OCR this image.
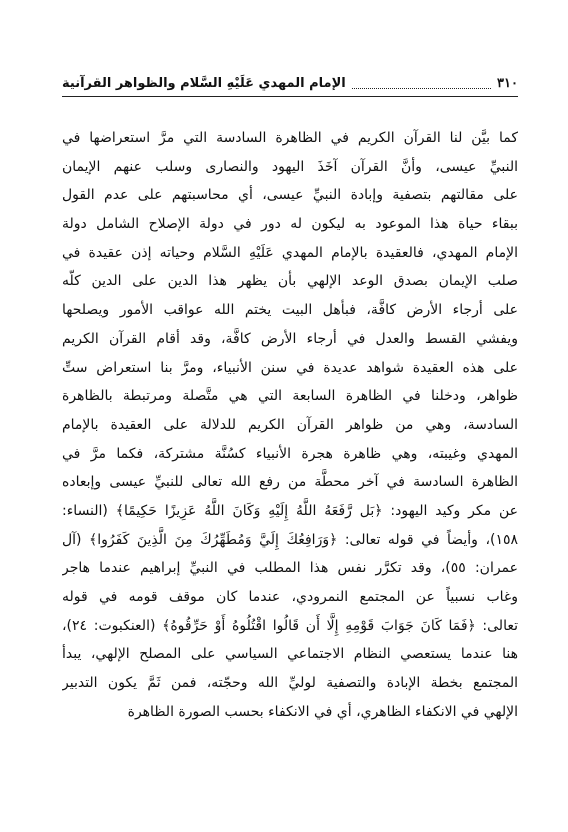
٣١٠
الإمام المهدي عَلَيْهِ السَّلام والظواهر القرآنية
كما بيَّن لنا القرآن الكريم في الظاهرة السادسة التي مرَّ استعراضها في
النبيِّ عيسى، وأنَّ القرآن آخَذَ اليهود والنصارى وسلب عنهم الإيمان
على مقالتهم بتصفية وإبادة النبيِّ عيسى، أي محاسبتهم على عدم القول
ببقاء حياة هذا الموعود به ليكون له دور في دولة الإصلاح الشامل دولة
الإمام المهدي، فالعقيدة بالإمام المهدي عَلَيْهِ السَّلام وحياته إذن عقيدة في
صلب الإيمان بصدق الوعد الإلهي بأن يظهر هذا الدين على الدين كلّه
على أرجاء الأرض كافَّة، فبأهل البيت يختم الله عواقب الأمور ويصلحها
ويفشي القسط والعدل في أرجاء الأرض كافَّة، وقد أقام القرآن الكريم
على هذه العقيدة شواهد عديدة في سنن الأنبياء، ومرَّ بنا استعراض ستِّ
ظواهر، ودخلنا في الظاهرة السابعة التي هي متَّصلة ومرتبطة بالظاهرة
السادسة، وهي من ظواهر القرآن الكريم للدلالة على العقيدة بالإمام
المهدي وغيبته، وهي ظاهرة هجرة الأنبياء كسُنَّة مشتركة، فكما مرَّ في
الظاهرة السادسة في آخر محطَّة من رفع الله تعالى للنبيِّ عيسى وإبعاده
عن مكر وكيد اليهود: ﴿بَل رَّفَعَهُ اللَّهُ إِلَيْهِ وَكَانَ اللَّهُ عَزِيزًا حَكِيمًا﴾ (النساء:
١٥٨)، وأيضاً في قوله تعالى: ﴿وَرَافِعُكَ إِلَيَّ وَمُطَهِّرُكَ مِنَ الَّذِينَ كَفَرُوا﴾ (آل
عمران: ٥٥)، وقد تكرَّر نفس هذا المطلب في النبيِّ إبراهيم عندما هاجر
وغاب نسبياً عن المجتمع النمرودي، عندما كان موقف قومه في قوله
تعالى: ﴿فَمَا كَانَ جَوَابَ قَوْمِهِ إِلَّا أَن قَالُوا اقْتُلُوهُ أَوْ حَرِّقُوهُ﴾ (العنكبوت: ٢٤)،
هنا عندما يستعصي النظام الاجتماعي السياسي على المصلح الإلهي، يبدأ
المجتمع بخطة الإبادة والتصفية لوليِّ الله وحجّته، فمن ثَمَّ يكون التدبير
الإلهي في الانكفاء الظاهري، أي في الانكفاء بحسب الصورة الظاهرة
